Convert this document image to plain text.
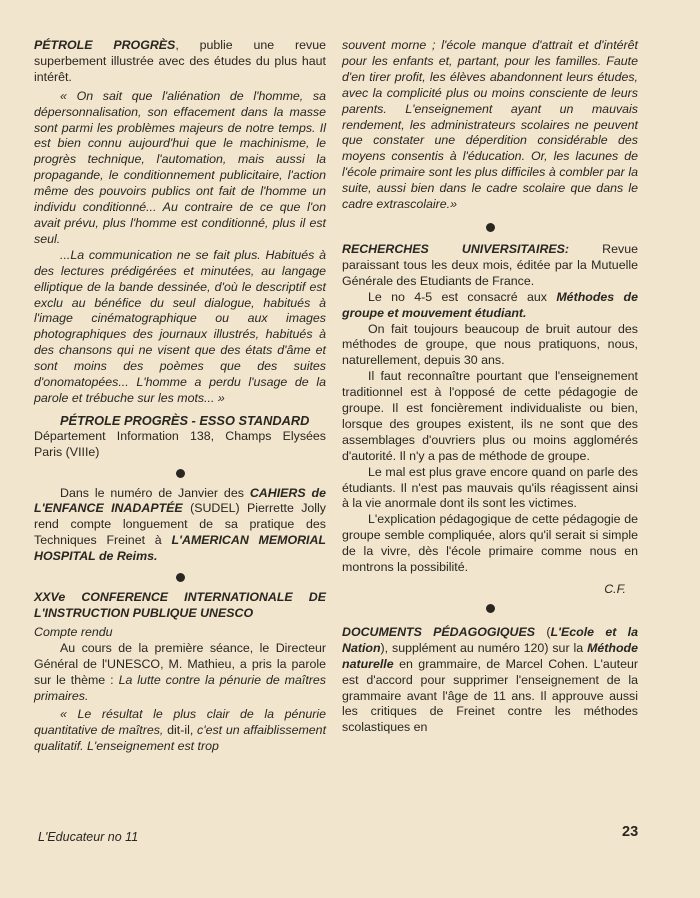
PÉTROLE PROGRÈS, publie une revue superbement illustrée avec des études du plus haut intérêt.

« On sait que l'aliénation de l'homme, sa dépersonnalisation, son effacement dans la masse sont parmi les problèmes majeurs de notre temps. Il est bien connu aujourd'hui que le machinisme, le progrès technique, l'automation, mais aussi la propagande, le conditionnement publicitaire, l'action même des pouvoirs publics ont fait de l'homme un individu conditionné... Au contraire de ce que l'on avait prévu, plus l'homme est conditionné, plus il est seul.

...La communication ne se fait plus. Habitués à des lectures prédigérées et minutées, au langage elliptique de la bande dessinée, d'où le descriptif est exclu au bénéfice du seul dialogue, habitués à l'image cinématographique ou aux images photographiques des journaux illustrés, habitués à des chansons qui ne visent que des états d'âme et sont moins des poèmes que des suites d'onomatopées... L'homme a perdu l'usage de la parole et trébuche sur les mots... »

PÉTROLE PROGRÈS - ESSO STANDARD

Département Information 138, Champs Elysées Paris (VIIIe)

Dans le numéro de Janvier des CAHIERS de L'ENFANCE INADAPTÉE (SUDEL) Pierrette Jolly rend compte longuement de sa pratique des Techniques Freinet à L'AMERICAN MEMORIAL HOSPITAL de Reims.

XXVe CONFERENCE INTERNATIONALE DE L'INSTRUCTION PUBLIQUE UNESCO

Compte rendu

Au cours de la première séance, le Directeur Général de l'UNESCO, M. Mathieu, a pris la parole sur le thème : La lutte contre la pénurie de maîtres primaires.

« Le résultat le plus clair de la pénurie quantitative de maîtres, dit-il, c'est un affaiblissement qualitatif. L'enseignement est trop

souvent morne ; l'école manque d'attrait et d'intérêt pour les enfants et, partant, pour les familles. Faute d'en tirer profit, les élèves abandonnent leurs études, avec la complicité plus ou moins consciente de leurs parents. L'enseignement ayant un mauvais rendement, les administrateurs scolaires ne peuvent que constater une déperdition considérable des moyens consentis à l'éducation. Or, les lacunes de l'école primaire sont les plus difficiles à combler par la suite, aussi bien dans le cadre scolaire que dans le cadre extrascolaire.»

RECHERCHES UNIVERSITAIRES: Revue paraissant tous les deux mois, éditée par la Mutuelle Générale des Etudiants de France.

Le no 4-5 est consacré aux Méthodes de groupe et mouvement étudiant.

On fait toujours beaucoup de bruit autour des méthodes de groupe, que nous pratiquons, nous, naturellement, depuis 30 ans.

Il faut reconnaître pourtant que l'enseignement traditionnel est à l'opposé de cette pédagogie de groupe. Il est foncièrement individualiste ou bien, lorsque des groupes existent, ils ne sont que des assemblages d'ouvriers plus ou moins agglomérés d'autorité. Il n'y a pas de méthode de groupe.

Le mal est plus grave encore quand on parle des étudiants. Il n'est pas mauvais qu'ils réagissent ainsi à la vie anormale dont ils sont les victimes.

L'explication pédagogique de cette pédagogie de groupe semble compliquée, alors qu'il serait si simple de la vivre, dès l'école primaire comme nous en montrons la possibilité.

C.F.

DOCUMENTS PÉDAGOGIQUES (L'Ecole et la Nation), supplément au numéro 120) sur la Méthode naturelle en grammaire, de Marcel Cohen. L'auteur est d'accord pour supprimer l'enseignement de la grammaire avant l'âge de 11 ans. Il approuve aussi les critiques de Freinet contre les méthodes scolastiques en

L'Educateur no 11	23
